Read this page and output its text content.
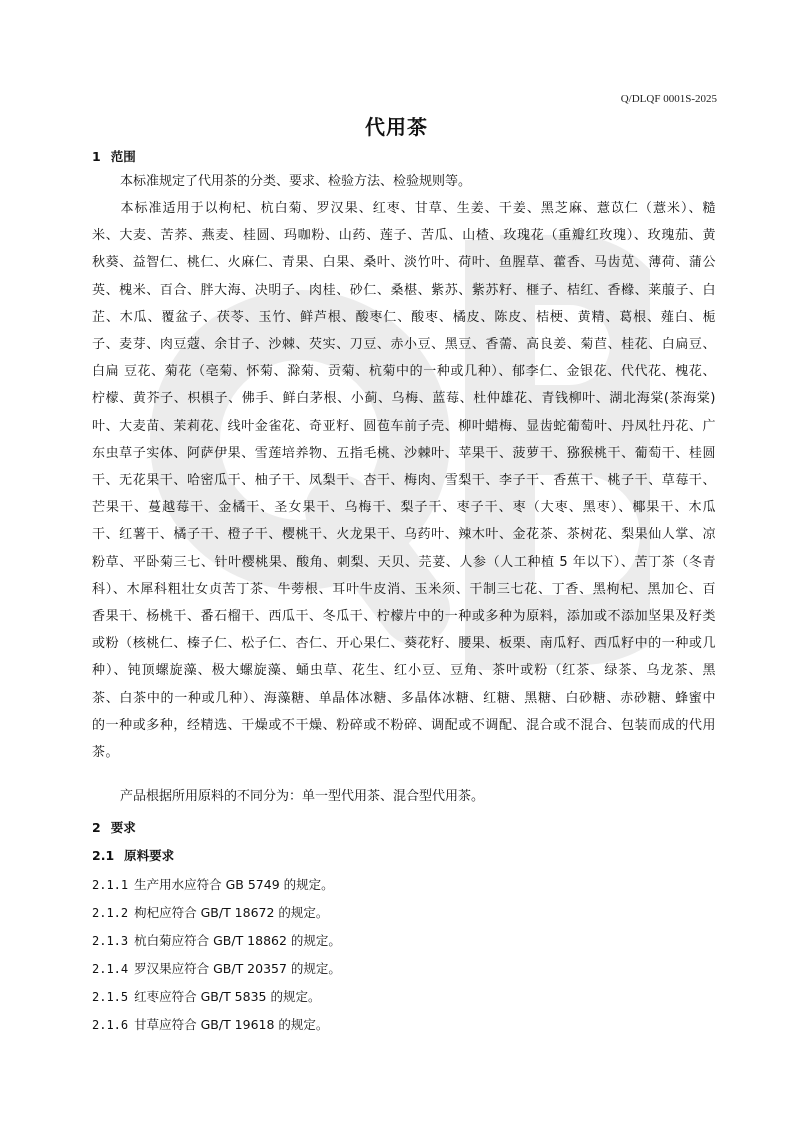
Q/DLQF 0001S-2025
代用茶
1 范围
本标准规定了代用茶的分类、要求、检验方法、检验规则等。
本标准适用于以枸杞、杭白菊、罗汉果、红枣、甘草、生姜、干姜、黑芝麻、薏苡仁（薏米）、糙米、大麦、苦荞、燕麦、桂圆、玛咖粉、山药、莲子、苦瓜、山楂、玫瑰花（重瓣红玫瑰）、玫瑰茄、黄秋葵、益智仁、桃仁、火麻仁、青果、白果、桑叶、淡竹叶、荷叶、鱼腥草、藿香、马齿苋、薄荷、蒲公英、槐米、百合、胖大海、决明子、肉桂、砂仁、桑椹、紫苏、紫苏籽、榧子、桔红、香橼、莱菔子、白芷、木瓜、覆盆子、茯苓、玉竹、鲜芦根、酸枣仁、酸枣、橘皮、陈皮、桔梗、黄精、葛根、薤白、栀子、麦芽、肉豆蔻、余甘子、沙棘、芡实、刀豆、赤小豆、黑豆、香薷、高良姜、菊苣、桂花、白扁豆、白扁 豆花、菊花（亳菊、怀菊、滁菊、贡菊、杭菊中的一种或几种）、郁李仁、金银花、代代花、槐花、柠檬、黄芥子、枳椇子、佛手、鲜白茅根、小蓟、乌梅、蓝莓、杜仲雄花、青钱柳叶、湖北海棠(茶海棠)叶、大麦苗、茉莉花、线叶金雀花、奇亚籽、圆苞车前子壳、柳叶蜡梅、显齿蛇葡萄叶、丹凤牡丹花、广东虫草子实体、阿萨伊果、雪莲培养物、五指毛桃、沙棘叶、苹果干、菠萝干、猕猴桃干、葡萄干、桂圆干、无花果干、哈密瓜干、柚子干、凤梨干、杏干、梅肉、雪梨干、李子干、香蕉干、桃子干、草莓干、芒果干、蔓越莓干、金橘干、圣女果干、乌梅干、梨子干、枣子干、枣（大枣、黑枣）、椰果干、木瓜干、红薯干、橘子干、橙子干、樱桃干、火龙果干、乌药叶、辣木叶、金花茶、茶树花、梨果仙人掌、凉粉草、平卧菊三七、针叶樱桃果、酸角、刺梨、天贝、芫荽、人参（人工种植 5 年以下）、苦丁茶（冬青科）、木犀科粗壮女贞苦丁茶、牛蒡根、耳叶牛皮消、玉米须、干制三七花、丁香、黑枸杞、黑加仑、百香果干、杨桃干、番石榴干、西瓜干、冬瓜干、柠檬片中的一种或多种为原料，添加或不添加坚果及籽类或粉（核桃仁、榛子仁、松子仁、杏仁、开心果仁、葵花籽、腰果、板栗、南瓜籽、西瓜籽中的一种或几种）、钝顶螺旋藻、极大螺旋藻、蛹虫草、花生、红小豆、豆角、茶叶或粉（红茶、绿茶、乌龙茶、黑茶、白茶中的一种或几种）、海藻糖、单晶体冰糖、多晶体冰糖、红糖、黑糖、白砂糖、赤砂糖、蜂蜜中的一种或多种，经精选、干燥或不干燥、粉碎或不粉碎、调配或不调配、混合或不混合、包装而成的代用茶。
产品根据所用原料的不同分为：单一型代用茶、混合型代用茶。
2 要求
2.1 原料要求
2.1.1 生产用水应符合 GB 5749 的规定。
2.1.2 枸杞应符合 GB/T 18672 的规定。
2.1.3 杭白菊应符合 GB/T 18862 的规定。
2.1.4 罗汉果应符合 GB/T 20357 的规定。
2.1.5 红枣应符合 GB/T 5835 的规定。
2.1.6 甘草应符合 GB/T 19618 的规定。
